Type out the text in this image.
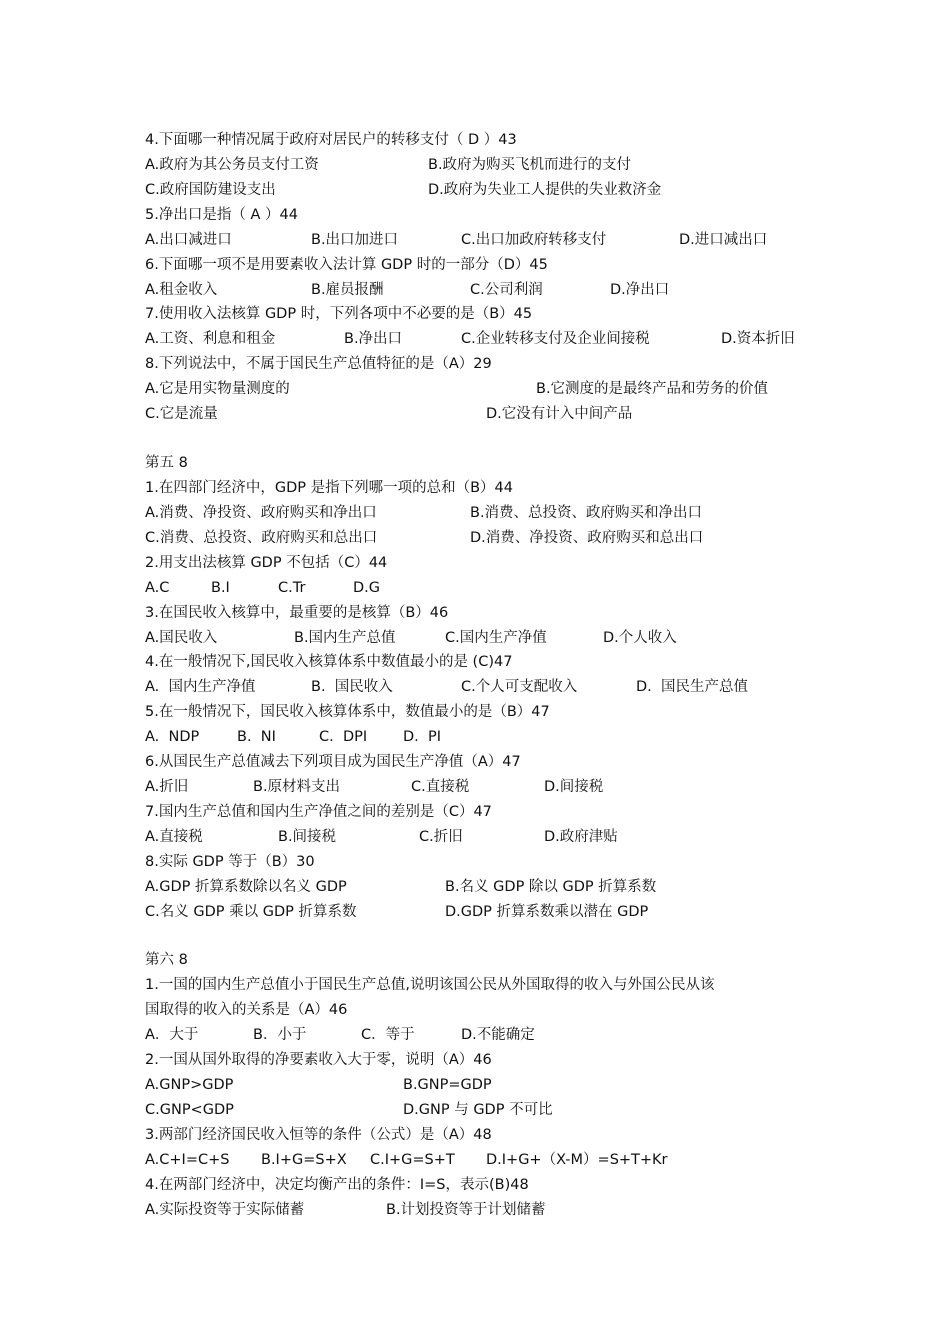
4.下面哪一种情况属于政府对居民户的转移支付（ D ）43
A.政府为其公务员支付工资	B.政府为购买飞机而进行的支付
C.政府国防建设支出	D.政府为失业工人提供的失业救济金
5.净出口是指（ A ）44
A.出口减进口	B.出口加进口	C.出口加政府转移支付	D.进口减出口
6.下面哪一项不是用要素收入法计算 GDP 时的一部分（D）45
A.租金收入	B.雇员报酬	C.公司利润	D.净出口
7.使用收入法核算 GDP 时，下列各项中不必要的是（B）45
A.工资、利息和租金	B.净出口	C.企业转移支付及企业间接税	D.资本折旧
8.下列说法中，不属于国民生产总值特征的是（A）29
A.它是用实物量测度的	B.它测度的是最终产品和劳务的价值
C.它是流量	D.它没有计入中间产品
第五 8
1.在四部门经济中，GDP 是指下列哪一项的总和（B）44
A.消费、净投资、政府购买和净出口	B.消费、总投资、政府购买和净出口
C.消费、总投资、政府购买和总出口	D.消费、净投资、政府购买和总出口
2.用支出法核算 GDP 不包括（C）44
A.C	B.I	C.Tr	D.G
3.在国民收入核算中，最重要的是核算（B）46
A.国民收入	B.国内生产总值	C.国内生产净值	D.个人收入
4.在一般情况下,国民收入核算体系中数值最小的是 (C)47
A.  国内生产净值	B.  国民收入	C.个人可支配收入	D.  国民生产总值
5.在一般情况下，国民收入核算体系中，数值最小的是（B）47
A.  NDP	B.  NI	C.  DPI D.  PI
6.从国民生产总值减去下列项目成为国民生产净值（A）47
A.折旧	B.原材料支出	C.直接税	D.间接税
7.国内生产总值和国内生产净值之间的差别是（C）47
A.直接税	B.间接税	C.折旧	D.政府津贴
8.实际 GDP 等于（B）30
A.GDP 折算系数除以名义 GDP	B.名义 GDP 除以 GDP 折算系数
C.名义 GDP 乘以 GDP 折算系数	D.GDP 折算系数乘以潜在 GDP
第六 8
1.一国的国内生产总值小于国民生产总值,说明该国公民从外国取得的收入与外国公民从该
国取得的收入的关系是（A）46
A．大于	B．小于	C．等于	D.不能确定
2.一国从国外取得的净要素收入大于零，说明（A）46
A.GNP>GDP	B.GNP=GDP
C.GNP<GDP	D.GNP 与 GDP 不可比
3.两部门经济国民收入恒等的条件（公式）是（A）48
A.C+I=C+S B.I+G=S+X C.I+G=S+T D.I+G+（X-M）=S+T+Kr
4.在两部门经济中，决定均衡产出的条件：I=S，表示(B)48
A.实际投资等于实际储蓄	B.计划投资等于计划储蓄
